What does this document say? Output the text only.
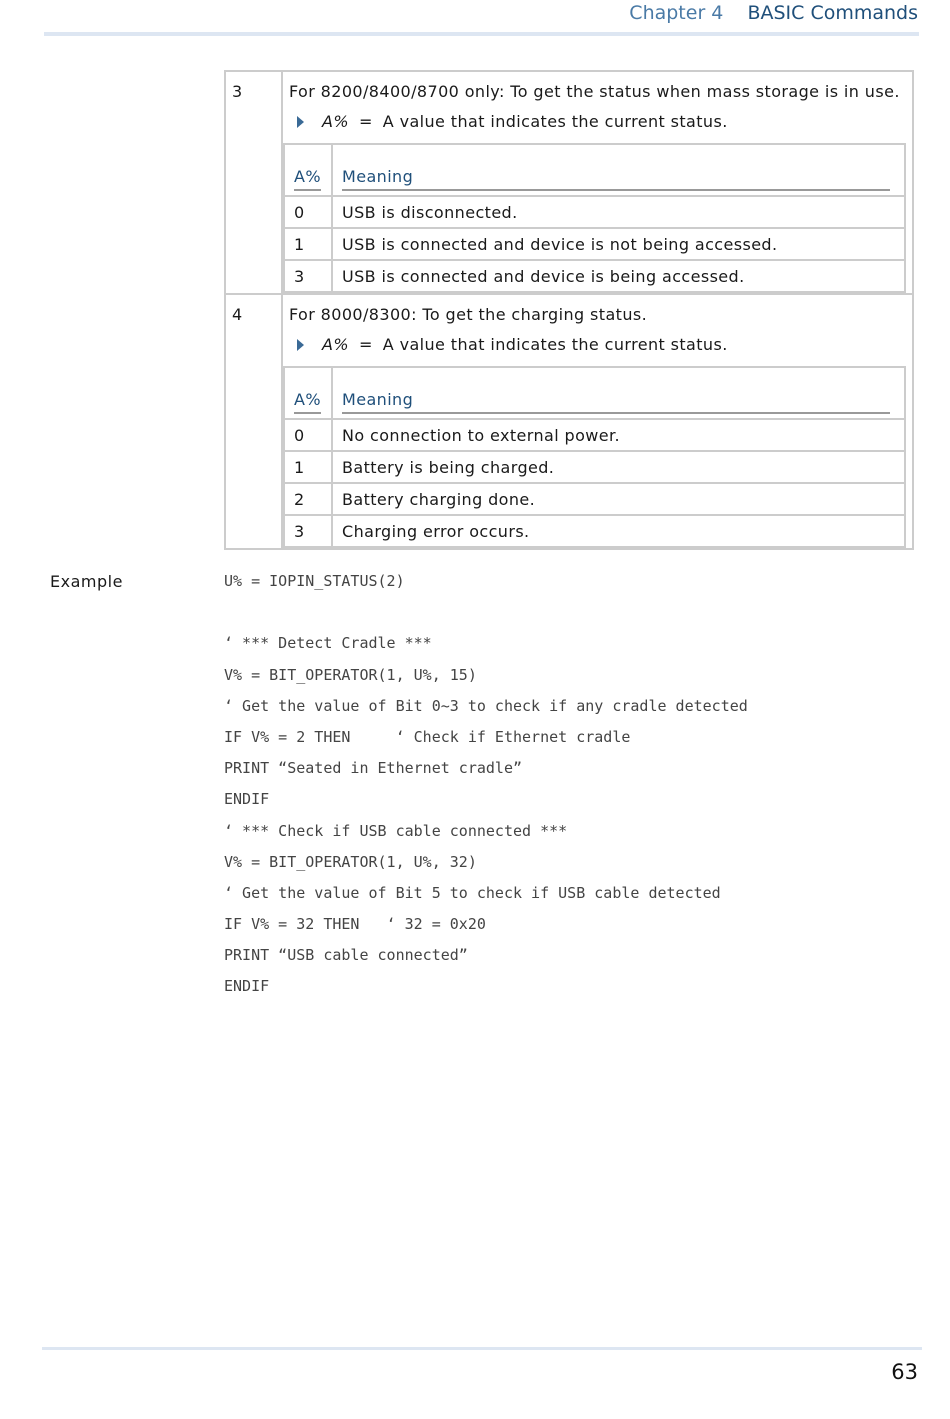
Chapter 4 BASIC Commands
3	For 8200/8400/8700 only: To get the status when mass storage is in use.
A% = A value that indicates the current status.
A%	Meaning
0	USB is disconnected.
1	USB is connected and device is not being accessed.
3	USB is connected and device is being accessed.

4	For 8000/8300: To get the charging status.
A% = A value that indicates the current status.
A%	Meaning
0	No connection to external power.
1	Battery is being charged.
2	Battery charging done.
3	Charging error occurs.
Example	U% = IOPIN_STATUS(2)
‘ *** Detect Cradle ***
V% = BIT_OPERATOR(1, U%, 15)
‘ Get the value of Bit 0~3 to check if any cradle detected
IF V% = 2 THEN     ‘ Check if Ethernet cradle
PRINT “Seated in Ethernet cradle”
ENDIF
‘ *** Check if USB cable connected ***
V% = BIT_OPERATOR(1, U%, 32)
‘ Get the value of Bit 5 to check if USB cable detected
IF V% = 32 THEN   ‘ 32 = 0x20
PRINT “USB cable connected”
ENDIF
63
